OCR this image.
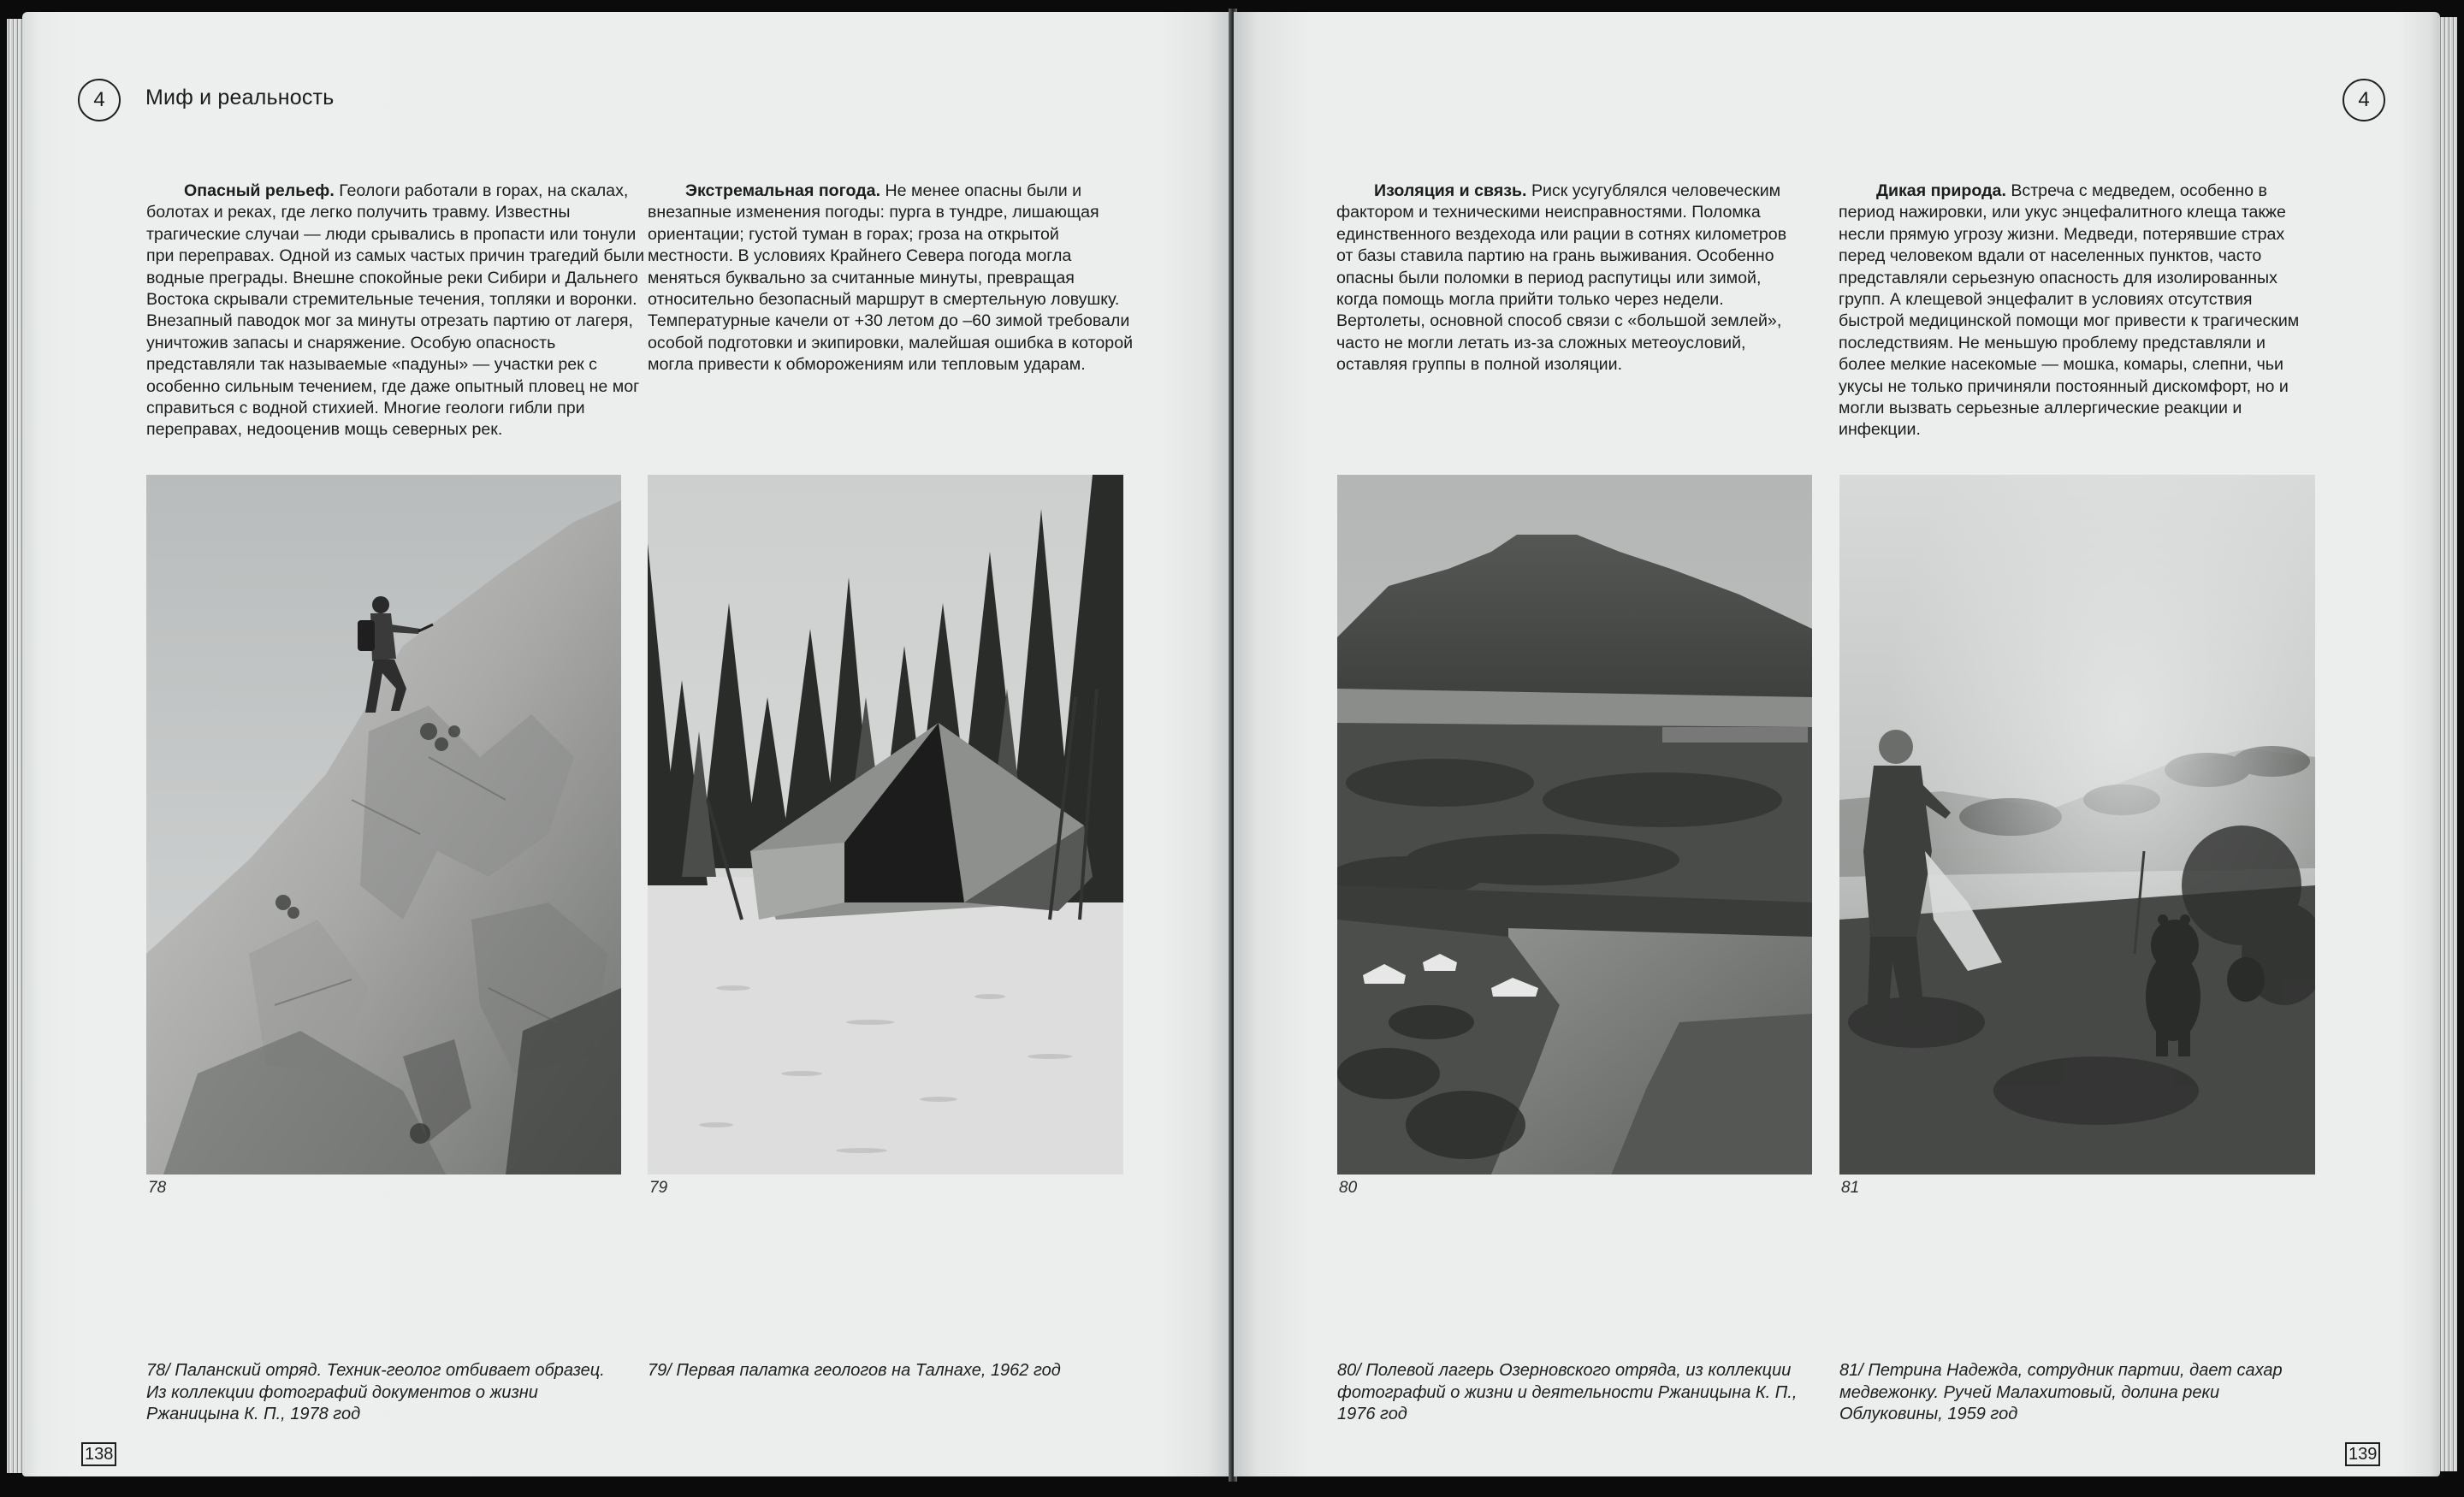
4	Миф и реальность
Опасный рельеф. Геологи работали в горах, на скалах, болотах и реках, где легко получить травму. Известны трагические случаи — люди срывались в пропасти или тонули при переправах. Одной из самых частых причин трагедий были водные преграды. Внешне спокойные реки Сибири и Дальнего Востока скрывали стремительные течения, топляки и воронки. Внезапный паводок мог за минуты отрезать партию от лагеря, уничтожив запасы и снаряжение. Особую опасность представляли так называемые «падуны» — участки рек с особенно сильным течением, где даже опытный пловец не мог справиться с водной стихией. Многие геологи гибли при переправах, недооценив мощь северных рек.
Экстремальная погода. Не менее опасны были и внезапные изменения погоды: пурга в тундре, лишающая ориентации; густой туман в горах; гроза на открытой местности. В условиях Крайнего Севера погода могла меняться буквально за считанные минуты, превращая относительно безопасный маршрут в смертельную ловушку. Температурные качели от +30 летом до –60 зимой требовали особой подготовки и экипировки, малейшая ошибка в которой могла привести к обморожениям или тепловым ударам.
78	79
78/ Паланский отряд. Техник-геолог отбивает образец. Из коллекции фотографий документов о жизни Ржаницына К. П., 1978 год
79/ Первая палатка геологов на Талнахе, 1962 год
138
4
Изоляция и связь. Риск усугублялся человеческим фактором и техническими неисправностями. Поломка единственного вездехода или рации в сотнях километров от базы ставила партию на грань выживания. Особенно опасны были поломки в период распутицы или зимой, когда помощь могла прийти только через недели. Вертолеты, основной способ связи с «большой землей», часто не могли летать из-за сложных метеоусловий, оставляя группы в полной изоляции.
Дикая природа. Встреча с медведем, особенно в период нажировки, или укус энцефалитного клеща также несли прямую угрозу жизни. Медведи, потерявшие страх перед человеком вдали от населенных пунктов, часто представляли серьезную опасность для изолированных групп. А клещевой энцефалит в условиях отсутствия быстрой медицинской помощи мог привести к трагическим последствиям. Не меньшую проблему представляли и более мелкие насекомые — мошка, комары, слепни, чьи укусы не только причиняли постоянный дискомфорт, но и могли вызвать серьезные аллергические реакции и инфекции.
80	81
80/ Полевой лагерь Озерновского отряда, из коллекции фотографий о жизни и деятельности Ржаницына К. П., 1976 год
81/ Петрина Надежда, сотрудник партии, дает сахар медвежонку. Ручей Малахитовый, долина реки Облуковины, 1959 год
139
